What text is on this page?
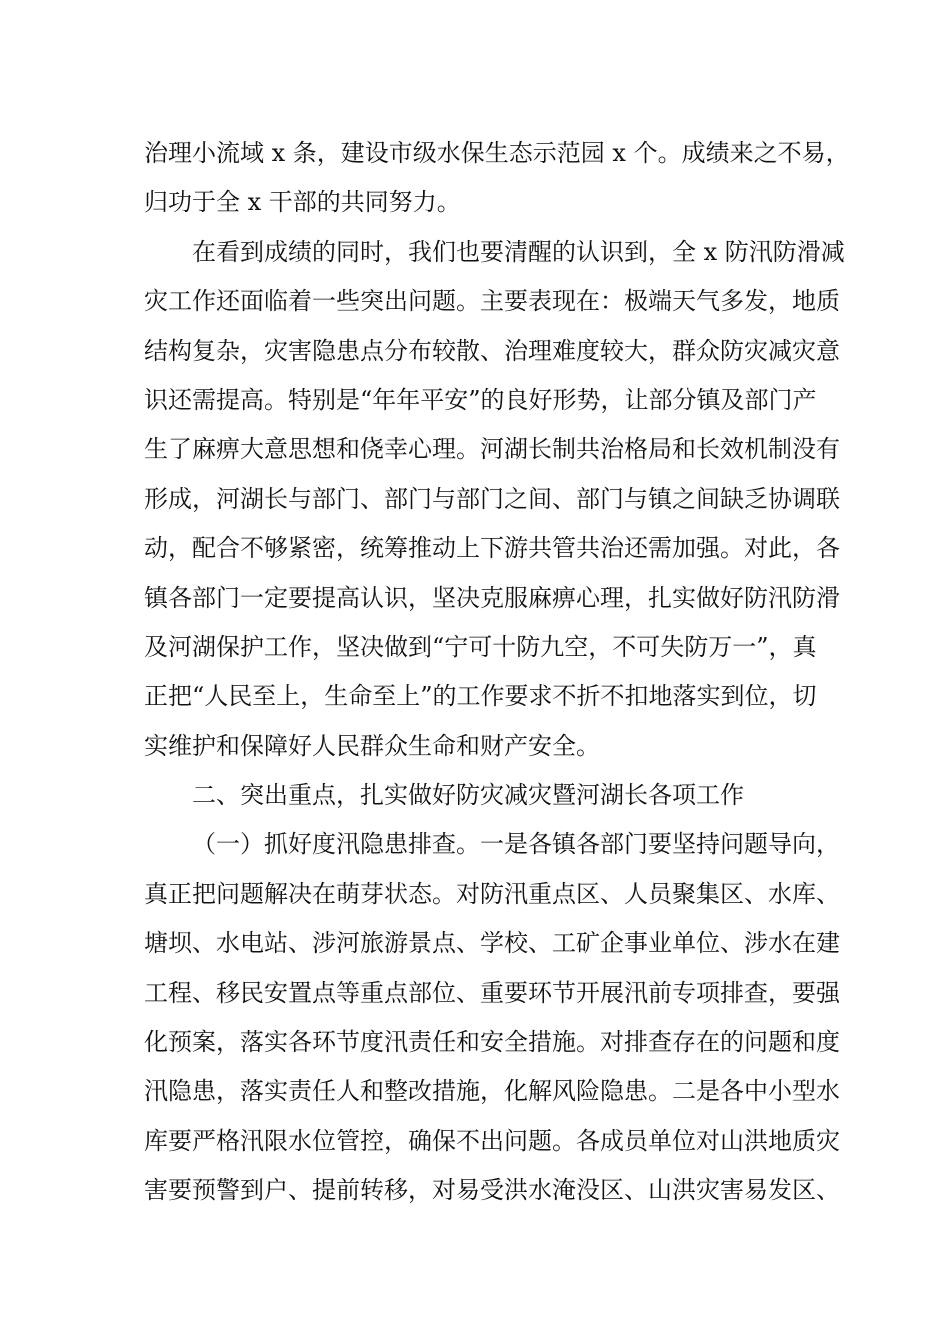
治理小流域 x 条，建设市级水保生态示范园 x 个。成绩来之不易，
归功于全 x 干部的共同努力。
在看到成绩的同时，我们也要清醒的认识到，全 x 防汛防滑减
灾工作还面临着一些突出问题。主要表现在：极端天气多发，地质
结构复杂，灾害隐患点分布较散、治理难度较大，群众防灾减灾意
识还需提高。特别是“年年平安”的良好形势，让部分镇及部门产
生了麻痹大意思想和侥幸心理。河湖长制共治格局和长效机制没有
形成，河湖长与部门、部门与部门之间、部门与镇之间缺乏协调联
动，配合不够紧密，统筹推动上下游共管共治还需加强。对此，各
镇各部门一定要提高认识，坚决克服麻痹心理，扎实做好防汛防滑
及河湖保护工作，坚决做到“宁可十防九空，不可失防万一”，真
正把“人民至上，生命至上”的工作要求不折不扣地落实到位，切
实维护和保障好人民群众生命和财产安全。
二、突出重点，扎实做好防灾减灾暨河湖长各项工作
（一）抓好度汛隐患排查。一是各镇各部门要坚持问题导向，
真正把问题解决在萌芽状态。对防汛重点区、人员聚集区、水库、
塘坝、水电站、涉河旅游景点、学校、工矿企事业单位、涉水在建
工程、移民安置点等重点部位、重要环节开展汛前专项排查，要强
化预案，落实各环节度汛责任和安全措施。对排查存在的问题和度
汛隐患，落实责任人和整改措施，化解风险隐患。二是各中小型水
库要严格汛限水位管控，确保不出问题。各成员单位对山洪地质灾
害要预警到户、提前转移，对易受洪水淹没区、山洪灾害易发区、
